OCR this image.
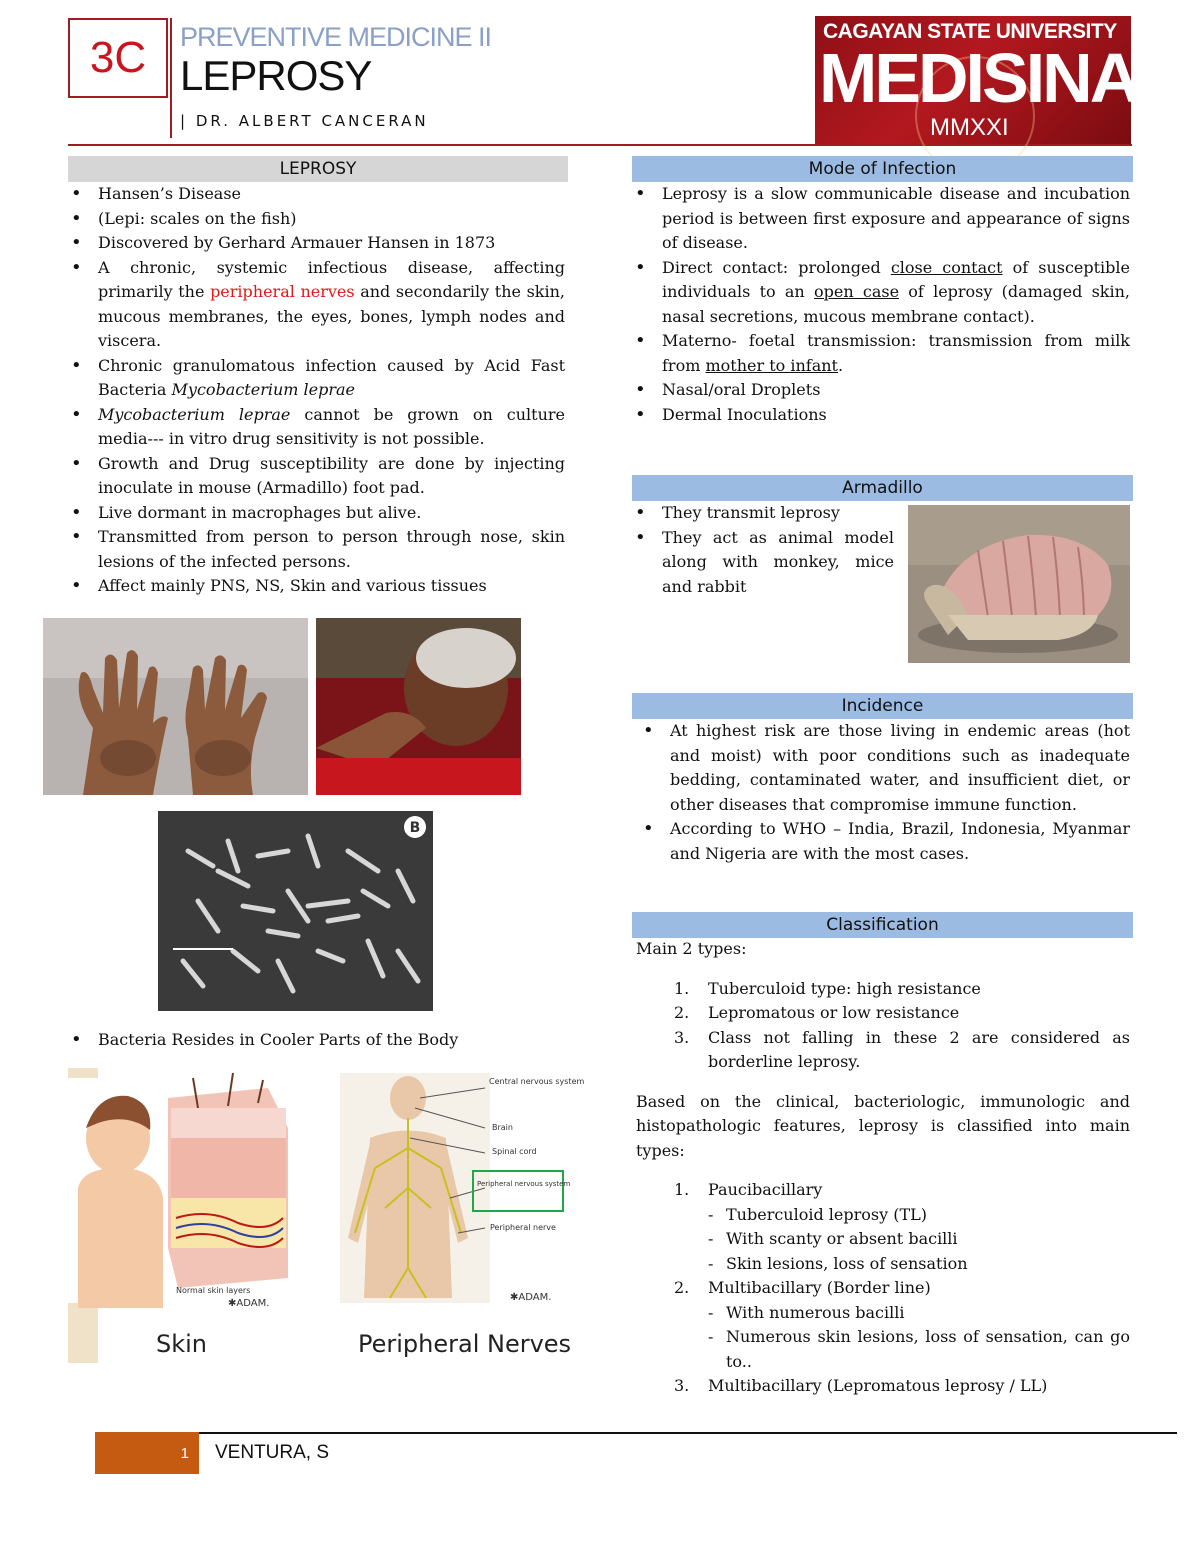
3C	PREVENTIVE MEDICINE II
LEPROSY
| DR. ALBERT CANCERAN
CAGAYAN STATE UNIVERSITY
MEDISINA
MMXXI
LEPROSY
• Hansen’s Disease
• (Lepi: scales on the fish)
• Discovered by Gerhard Armauer Hansen in 1873
• A chronic, systemic infectious disease, affecting primarily the peripheral nerves and secondarily the skin, mucous membranes, the eyes, bones, lymph nodes and viscera.
• Chronic granulomatous infection caused by Acid Fast Bacteria Mycobacterium leprae
• Mycobacterium leprae cannot be grown on culture media--- in vitro drug sensitivity is not possible.
• Growth and Drug susceptibility are done by injecting inoculate in mouse (Armadillo) foot pad.
• Live dormant in macrophages but alive.
• Transmitted from person to person through nose, skin lesions of the infected persons.
• Affect mainly PNS, NS, Skin and various tissues
B
• Bacteria Resides in Cooler Parts of the Body
Normal skin layers
✱ADAM.
Skin
Central nervous system
Brain
Spinal cord
Peripheral nervous system
Peripheral nerve
✱ADAM.
Peripheral Nerves
Mode of Infection
• Leprosy is a slow communicable disease and incubation period is between first exposure and appearance of signs of disease.
• Direct contact: prolonged close contact of susceptible individuals to an open case of leprosy (damaged skin, nasal secretions, mucous membrane contact).
• Materno- foetal transmission: transmission from milk from mother to infant.
• Nasal/oral Droplets
• Dermal Inoculations
Armadillo
• They transmit leprosy
• They act as animal model along with monkey, mice and rabbit
Incidence
• At highest risk are those living in endemic areas (hot and moist) with poor conditions such as inadequate bedding, contaminated water, and insufficient diet, or other diseases that compromise immune function.
• According to WHO – India, Brazil, Indonesia, Myanmar and Nigeria are with the most cases.
Classification
Main 2 types:
1. Tuberculoid type: high resistance
2. Lepromatous or low resistance
3. Class not falling in these 2 are considered as borderline leprosy.

Based on the clinical, bacteriologic, immunologic and histopathologic features, leprosy is classified into main types:

1. Paucibacillary
- Tuberculoid leprosy (TL)
- With scanty or absent bacilli
- Skin lesions, loss of sensation
2. Multibacillary (Border line)
- With numerous bacilli
- Numerous skin lesions, loss of sensation, can go to..
3. Multibacillary (Lepromatous leprosy / LL)
1	VENTURA, S
